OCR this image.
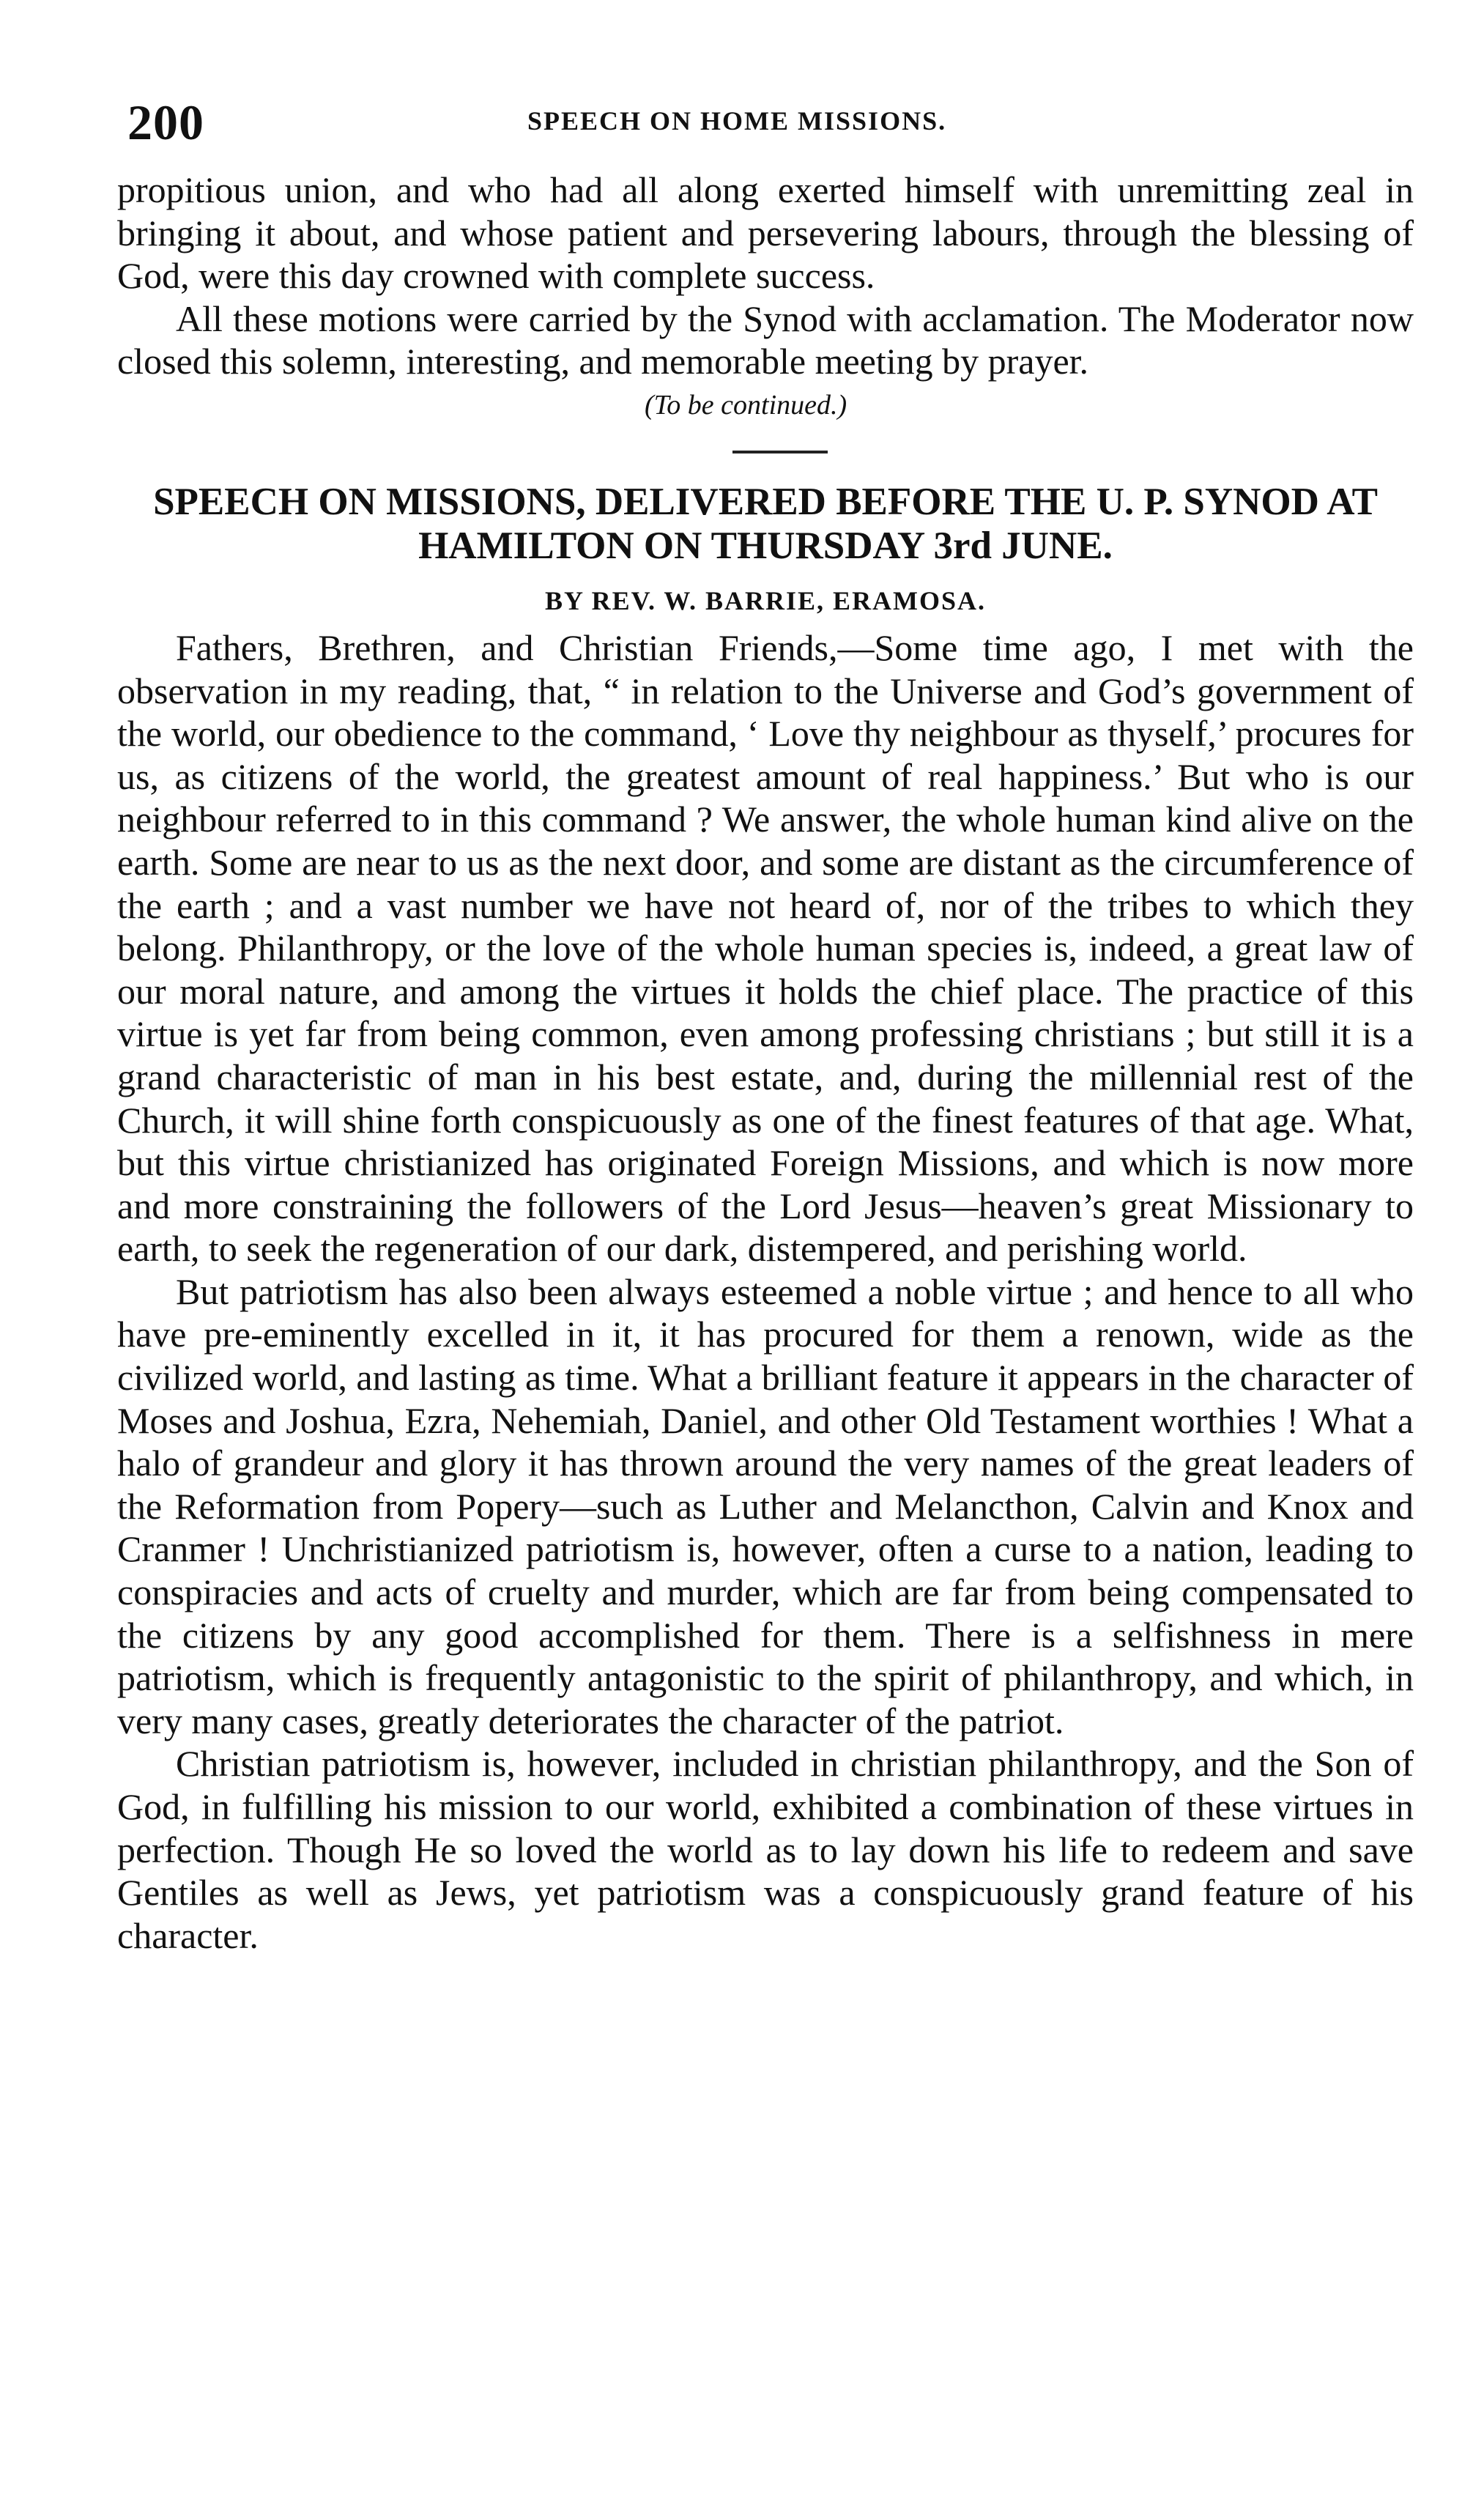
200	SPEECH ON HOME MISSIONS.

propitious union, and who had all along exerted himself with unremitting zeal in bringing it about, and whose patient and persevering labours, through the blessing of God, were this day crowned with complete success.

All these motions were carried by the Synod with acclamation. The Moderator now closed this solemn, interesting, and memorable meeting by prayer.

(To be continued.)
SPEECH ON MISSIONS, DELIVERED BEFORE THE U. P. SYNOD AT HAMILTON ON THURSDAY 3rd JUNE.
BY REV. W. BARRIE, ERAMOSA.

Fathers, Brethren, and Christian Friends,—Some time ago, I met with the observation in my reading, that, “ in relation to the Universe and God’s government of the world, our obedience to the command, ‘ Love thy neighbour as thyself,’ procures for us, as citizens of the world, the greatest amount of real happiness.’ But who is our neighbour referred to in this command ? We answer, the whole human kind alive on the earth. Some are near to us as the next door, and some are distant as the circumference of the earth ; and a vast number we have not heard of, nor of the tribes to which they belong. Philanthropy, or the love of the whole human species is, indeed, a great law of our moral nature, and among the virtues it holds the chief place. The practice of this virtue is yet far from being common, even among professing christians ; but still it is a grand characteristic of man in his best estate, and, during the millennial rest of the Church, it will shine forth conspicuously as one of the finest features of that age. What, but this virtue christianized has originated Foreign Missions, and which is now more and more constraining the followers of the Lord Jesus—heaven’s great Missionary to earth, to seek the regeneration of our dark, distempered, and perishing world.

But patriotism has also been always esteemed a noble virtue ; and hence to all who have pre-eminently excelled in it, it has procured for them a renown, wide as the civilized world, and lasting as time. What a brilliant feature it appears in the character of Moses and Joshua, Ezra, Nehemiah, Daniel, and other Old Testament worthies ! What a halo of grandeur and glory it has thrown around the very names of the great leaders of the Reformation from Popery—such as Luther and Melancthon, Calvin and Knox and Cranmer ! Unchristianized patriotism is, however, often a curse to a nation, leading to conspiracies and acts of cruelty and murder, which are far from being compensated to the citizens by any good accomplished for them. There is a selfishness in mere patriotism, which is frequently antagonistic to the spirit of philanthropy, and which, in very many cases, greatly deteriorates the character of the patriot.

Christian patriotism is, however, included in christian philanthropy, and the Son of God, in fulfilling his mission to our world, exhibited a combination of these virtues in perfection. Though He so loved the world as to lay down his life to redeem and save Gentiles as well as Jews, yet patriotism was a conspicuously grand feature of his character.
